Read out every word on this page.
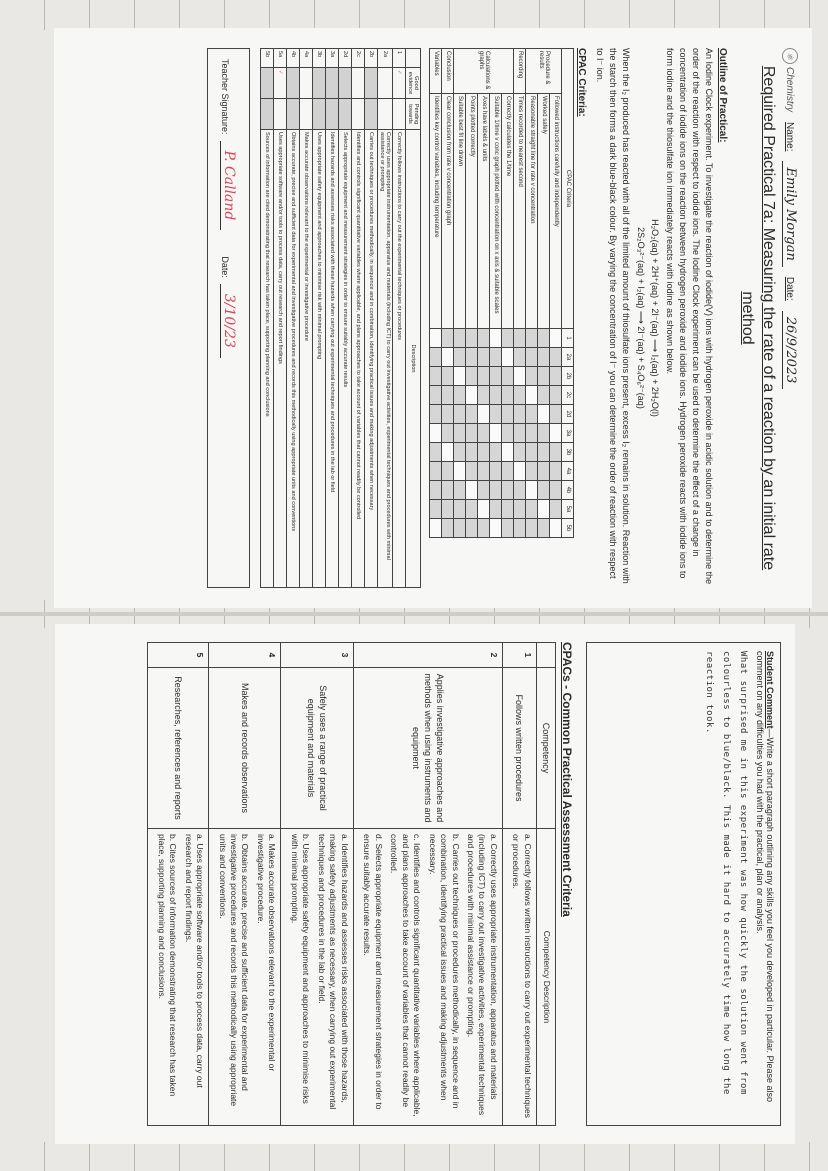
⚛
Chemistry
Name:
Emily Morgan
Date:
26/9/2023
Required Practical 7a: Measuring the rate of a reaction by an initial rate method
Outline of Practical:

An Iodine Clock experiment. To investigate the reaction of iodide(V) ions with hydrogen peroxide in acidic solution and to determine the order of the reaction with respect to iodide ions. The Iodine Clock experiment can be used to determine the effect of a change in concentration of iodide ions on the reaction between hydrogen peroxide and iodide ions. Hydrogen peroxide reacts with iodide ions to form iodine and the thiosulfate ion immediately reacts with iodine as shown below.

H₂O₂(aq) + 2H⁺(aq) + 2I⁻(aq) ⟶ I₂(aq) + 2H₂O(l)
2S₂O₃²⁻(aq) + I₂(aq) ⟶ 2I⁻(aq) + S₄O₆²⁻(aq)

When the I₂ produced has reacted with all of the limited amount of thiosulfate ions present, excess I₂ remains in solution. Reaction with the starch then forms a dark blue-black colour. By varying the concentration of I⁻ you can determine the order of reaction with respect to I⁻ ion.

CPAC Criteria:
CPAC Criteria		1	2a	2b	2c	2d	3a	3b	4a	4b	5a	5b
Procedure & results	Followed instructions carefully and independently											
	Worked safely											
	Reasonable straight line for rate v concentration											
Recording	Times recorded to nearest second											
Calculations & graphs	Correctly calculates the 1/time											
	Suitable 1/time v conc graph plotted with concentration on x axis & suitable scales											
	Axes have labels & units											
	Points plotted correctly											
	Suitable best fit line drawn											
Conclusion	Clear conclusion from rate v concentration graph											
Variables	Identifies key control variables, including temperature											
	Good evidence	Pending towards	Description
1	✓		Correctly follows instructions to carry out the experimental techniques or procedures
2a			Correctly uses appropriate instrumentation, apparatus and materials (including ICT) to carry out investigative activities, experimental techniques and procedures with minimal assistance or prompting
2b			Carries out techniques or procedures methodically, in sequence and in combination, identifying practical issues and making adjustments when necessary
2c			Identifies and controls significant quantitative variables where applicable, and plans approaches to take account of variables that cannot readily be controlled
2d			Selects appropriate equipment and measurement strategies in order to ensure suitably accurate results
3a			Identifies hazards and assesses risks associated with these hazards when carrying out experimental techniques and procedures in the lab or field
3b			Uses appropriate safety equipment and approaches to minimise risk with minimal prompting
4a			Makes accurate observations relevant to the experimental or investigative procedure
4b			Obtains accurate, precise and sufficient data for experimental and investigative procedures and records this methodically using appropriate units and conventions
5a	✓		Uses appropriate software and/or tools to process data, carry out research and report findings
5b			Sources of information are cited demonstrating that research has taken place, supporting planning and conclusions
Teacher Signature:
P. Calland
Date:
3/10/23
Student Comment—Write a short paragraph outlining any skills you feel you developed in particular. Please also comment on any difficulties you had with the practical, plan or analysis.
What surprised me in this experiment was how quickly the solution went from colourless to blue/black. This made it hard to accurately time how long the reaction took.
CPACs - Common Practical Assessment Criteria
	Competency	Competency Description
1	Follows written procedures	a. Correctly follows written instructions to carry out experimental techniques or procedures.

2	Applies investigative approaches and methods when using instruments and equipment	a. Correctly uses appropriate instrumentation, apparatus and materials (including ICT) to carry out investigative activities, experimental techniques and procedures with minimal assistance or prompting.
b. Carries out techniques or procedures methodically, in sequence and in combination, identifying practical issues and making adjustments when necessary.
c. Identifies and controls significant quantitative variables where applicable, and plans approaches to take account of variables that cannot readily be controlled.
d. Selects appropriate equipment and measurement strategies in order to ensure suitably accurate results.

3	Safely uses a range of practical equipment and materials	a. Identifies hazards and assesses risks associated with those hazards, making safety adjustments as necessary, when carrying out experimental techniques and procedures in the lab or field.
b. Uses appropriate safety equipment and approaches to minimise risks with minimal prompting.

4	Makes and records observations	a. Makes accurate observations relevant to the experimental or investigative procedure.
b. Obtains accurate, precise and sufficient data for experimental and investigative procedures and records this methodically using appropriate units and conventions.

5	Researches, references and reports	a. Uses appropriate software and/or tools to process data, carry out research and report findings.
b. Cites sources of information demonstrating that research has taken place, supporting planning and conclusions.
